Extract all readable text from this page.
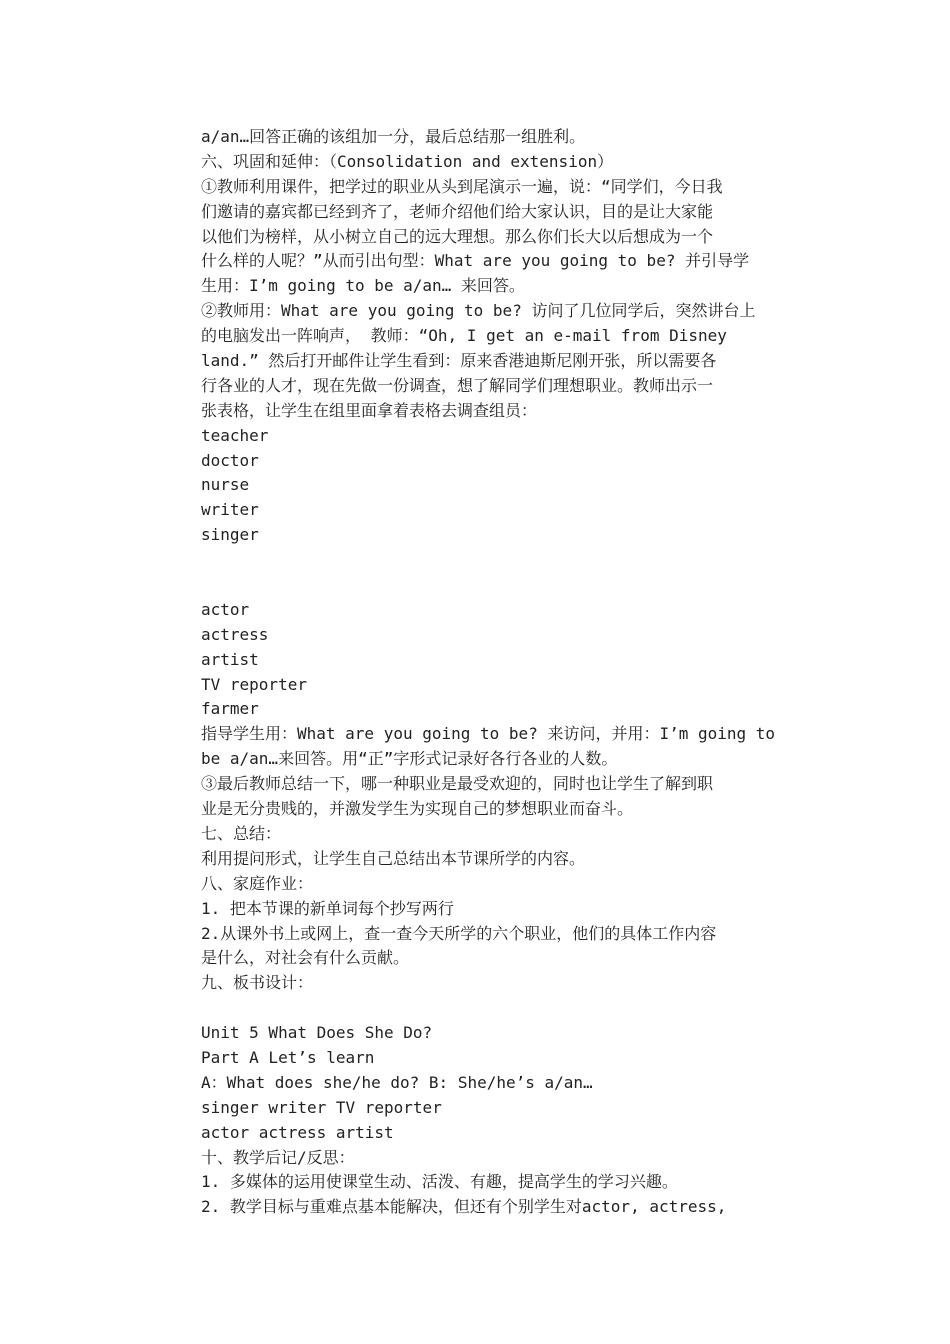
a/an…回答正确的该组加一分，最后总结那一组胜利。
六、巩固和延伸：（Consolidation and extension）
①教师利用课件，把学过的职业从头到尾演示一遍，说：“同学们，今日我
们邀请的嘉宾都已经到齐了，老师介绍他们给大家认识，目的是让大家能
以他们为榜样，从小树立自己的远大理想。那么你们长大以后想成为一个
什么样的人呢？”从而引出句型：What are you going to be? 并引导学
生用：I’m going to be a/an… 来回答。
②教师用：What are you going to be? 访问了几位同学后，突然讲台上
的电脑发出一阵响声， 教师：“Oh, I get an e-mail from Disney
land.” 然后打开邮件让学生看到：原来香港迪斯尼刚开张，所以需要各
行各业的人才，现在先做一份调查，想了解同学们理想职业。教师出示一
张表格，让学生在组里面拿着表格去调查组员：
teacher
doctor
nurse
writer
singer
actor
actress
artist
TV reporter
farmer
指导学生用：What are you going to be? 来访问，并用：I’m going to
be a/an…来回答。用“正”字形式记录好各行各业的人数。
③最后教师总结一下，哪一种职业是最受欢迎的，同时也让学生了解到职
业是无分贵贱的，并激发学生为实现自己的梦想职业而奋斗。
七、总结：
利用提问形式，让学生自己总结出本节课所学的内容。
八、家庭作业：
1. 把本节课的新单词每个抄写两行
2.从课外书上或网上，查一查今天所学的六个职业，他们的具体工作内容
是什么，对社会有什么贡献。
九、板书设计：
Unit 5 What Does She Do?
Part A Let’s learn
A：What does she/he do? B: She/he’s a/an…
singer writer TV reporter
actor actress artist
十、教学后记/反思：
1. 多媒体的运用使课堂生动、活泼、有趣，提高学生的学习兴趣。
2. 教学目标与重难点基本能解决，但还有个别学生对actor, actress,
